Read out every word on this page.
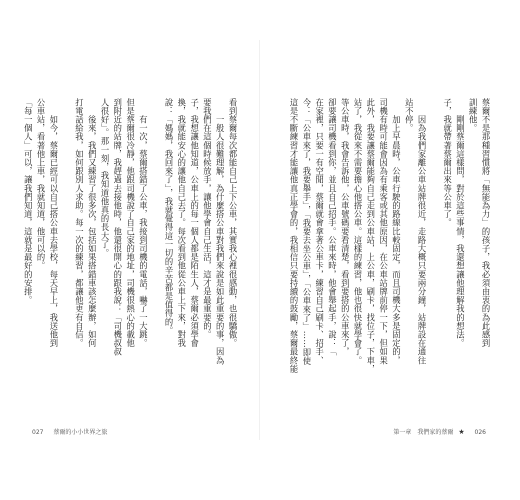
看到蔡爾每次都能自己上下公車，其實我心裡很感動，也很驕傲。
　　一般人很難理解，為什麼搭公車對我們來說是如此重要的事，因為
要我們在這個時候放手，讓他學會自己生活，這才是最重要的。
子，我想讓他知道，公車上的每一個人都是陌生人，蔡爾必須學會
換，我就能安心的讓他自己去了。每次看到他從公車上下來，對我
說：「媽媽，我回來了」，我就覺得這一切的辛苦都是值得的。

　　有一次，蔡爾搭錯了公車，我接到司機的電話，嚇了一大跳。
但是蔡爾很冷靜，他跟司機說了自己家的地址，司機很熱心的載他
到附近的站牌，我趕過去接他時，他還很開心的跟我說：「司機叔叔
人很好」。那一刻，我知道他真的長大了。
　　後來，我們又練習了很多次，包括如果搭錯車該怎麼辦，如何
打電話給我，如何跟別人求助。每一次的練習，都讓他更有自信。

　　如今，蔡爾已經可以自己搭公車去學校，每天早上，我送他到
公車站，看著他上車，我就知道，他可以的。
「每一個人」可以，讓我們知道，這就是最好的安排。
027 蔡爾的小小世界之旅
蔡爾不是那種習慣將「無能為力」的孩子，我必須由衷的為此感到
訓練他。
　　剛剛蔡爾這樣問，對於這些事情，我還想讓他理解我的想法。
子，我就帶著蔡爾出來等公車了。

　　因為我們家離公車站牌很近，走路大概只要兩分鐘，站牌設在通往
站不停。
　　加上早晨時，公車行駛的路線比較固定，而且司機大多是固定的，
司機有時可能會因為有乘客或其他原因，在公車站牌前停一下，但如果
此外，我要讓蔡爾能夠自己走到公車站，上公車，刷卡，找位子，下車，
站了，我從來不需要擔心他搭公車。這樣的練習，他也很快就學會了。
等公車時，我會告訴他，公車號碼要看清楚，看到要搭的公車來了，
卻要讓司機看到你，並且自己招手。公車來時，他會舉起手，說：「
在家裡，只要一有空閒，蔡爾就會拿著公車卡，練習自己刷卡、招手、
今：「公車來了，我要舉手」，「我要去坐公車」，「公車來了」……即使
這是不斷練習才能讓他真正學會的，我相信只要持續的鼓勵，蔡爾最終能
第一章　我們家的蔡爾 ★ 026
